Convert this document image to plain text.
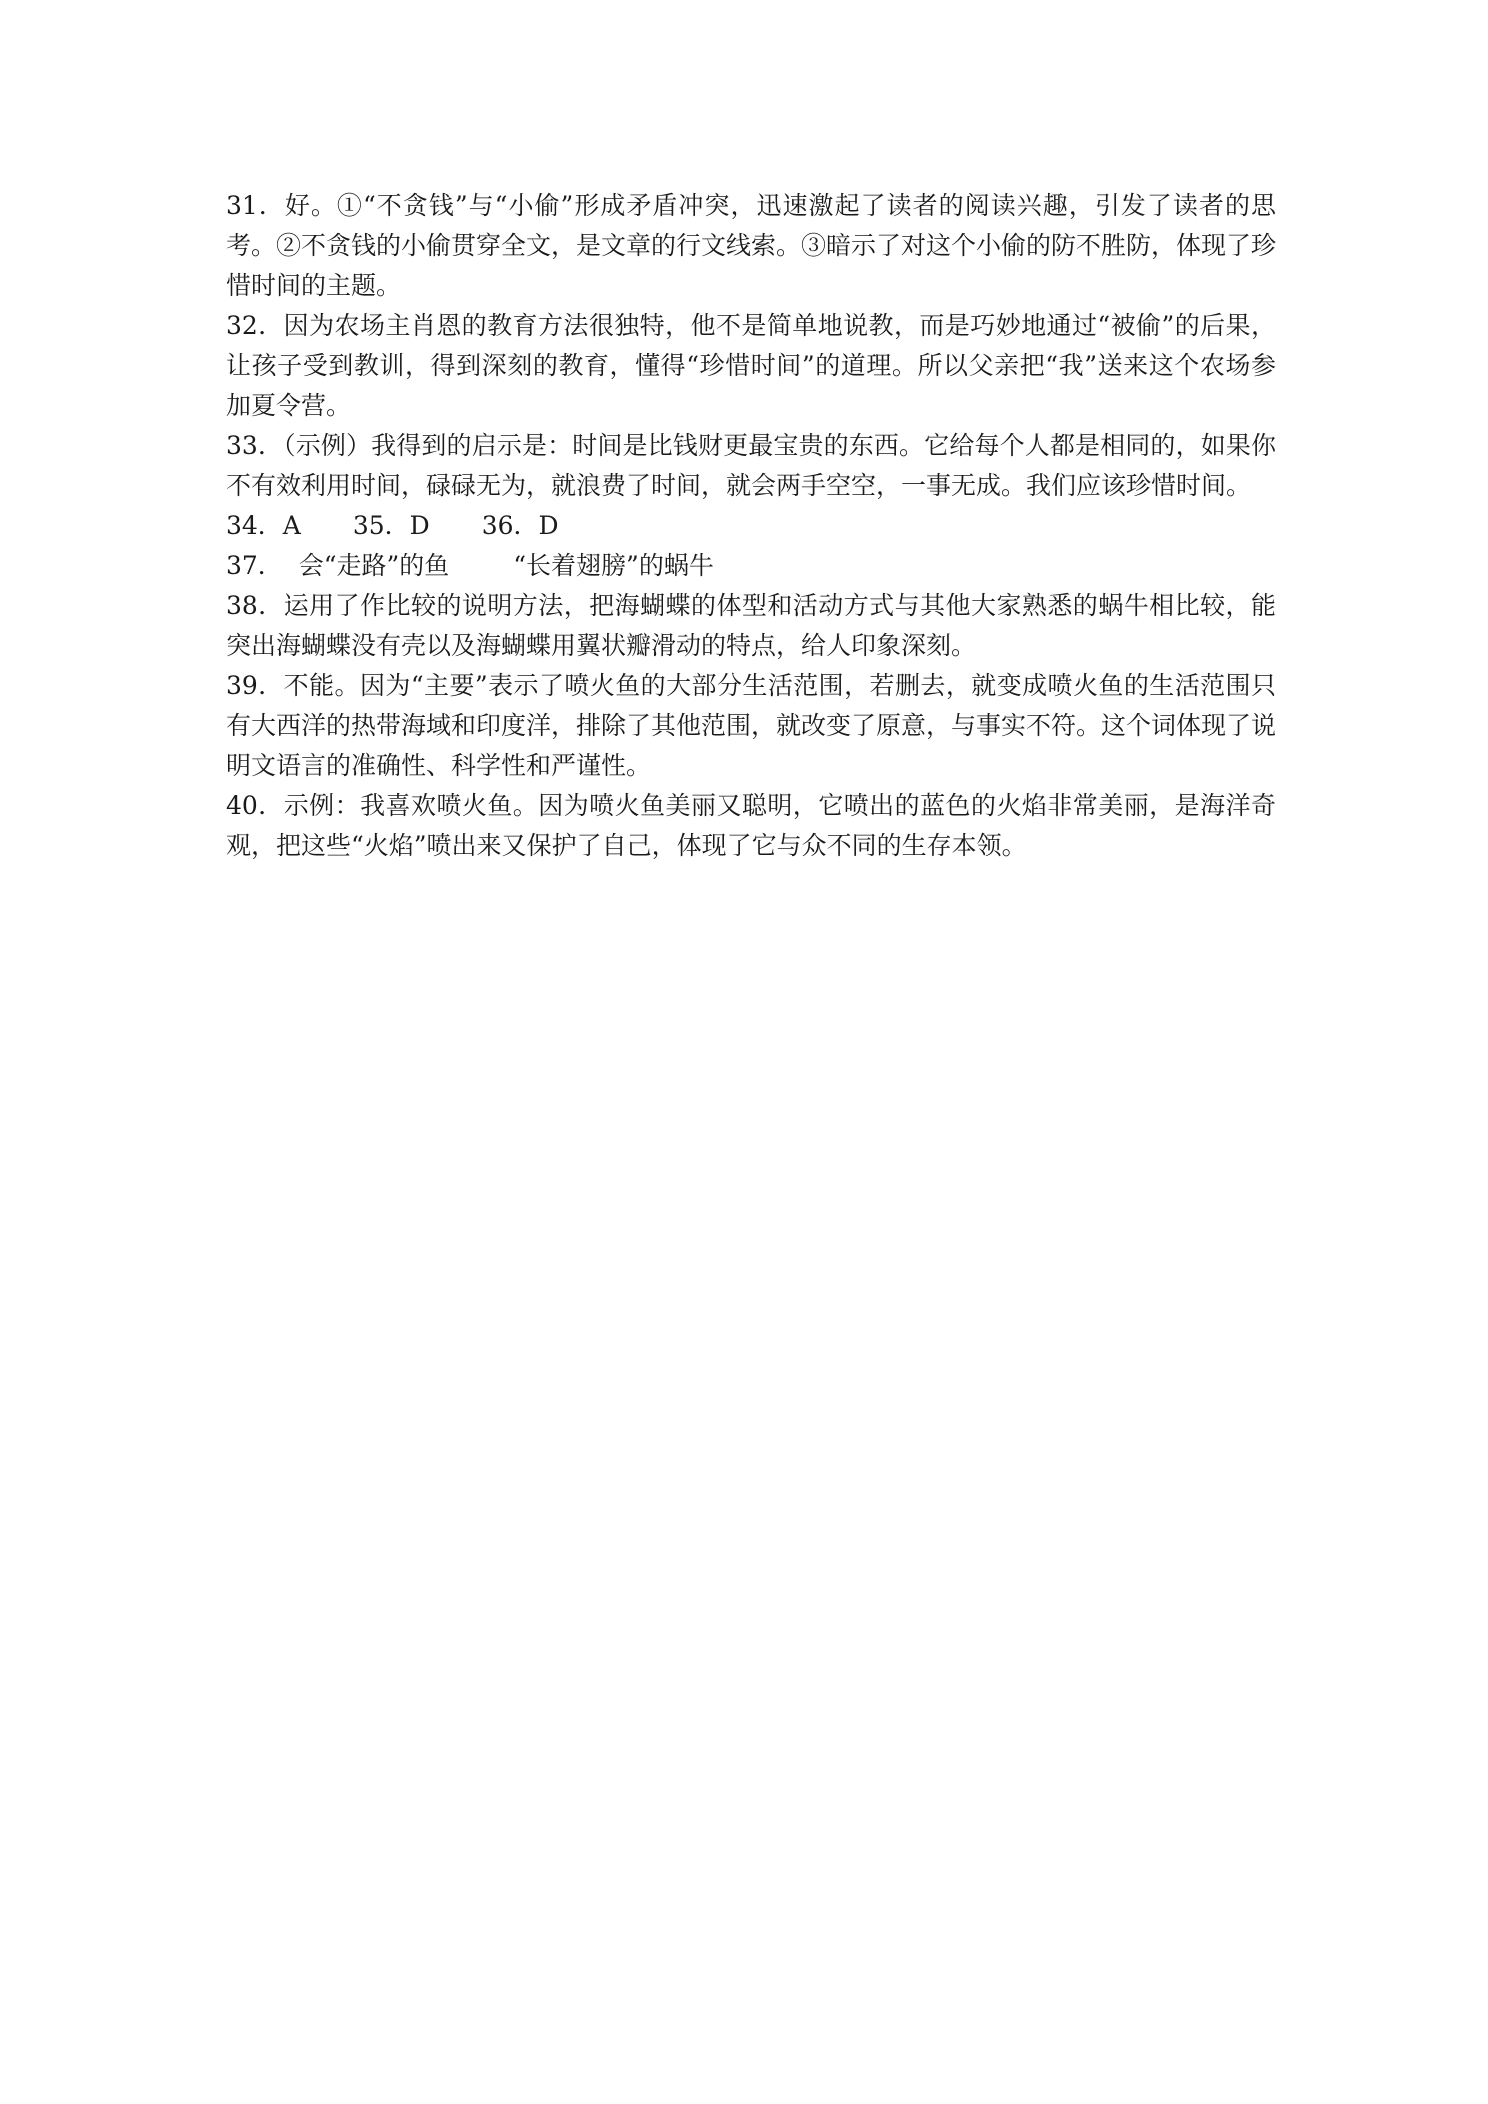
31．好。①“不贪钱”与“小偷”形成矛盾冲突，迅速激起了读者的阅读兴趣，引发了读者的思考。②不贪钱的小偷贯穿全文，是文章的行文线索。③暗示了对这个小偷的防不胜防，体现了珍惜时间的主题。

32．因为农场主肖恩的教育方法很独特，他不是简单地说教，而是巧妙地通过“被偷”的后果，让孩子受到教训，得到深刻的教育，懂得“珍惜时间”的道理。所以父亲把“我”送来这个农场参加夏令营。

33．（示例）我得到的启示是：时间是比钱财更最宝贵的东西。它给每个人都是相同的，如果你不有效利用时间，碌碌无为，就浪费了时间，就会两手空空，一事无成。我们应该珍惜时间。

34．A 35．D 36．D

37． 会“走路”的鱼	“长着翅膀”的蜗牛

38．运用了作比较的说明方法，把海蝴蝶的体型和活动方式与其他大家熟悉的蜗牛相比较，能突出海蝴蝶没有壳以及海蝴蝶用翼状瓣滑动的特点，给人印象深刻。

39．不能。因为“主要”表示了喷火鱼的大部分生活范围，若删去，就变成喷火鱼的生活范围只有大西洋的热带海域和印度洋，排除了其他范围，就改变了原意，与事实不符。这个词体现了说明文语言的准确性、科学性和严谨性。

40．示例：我喜欢喷火鱼。因为喷火鱼美丽又聪明，它喷出的蓝色的火焰非常美丽，是海洋奇观，把这些“火焰”喷出来又保护了自己，体现了它与众不同的生存本领。
